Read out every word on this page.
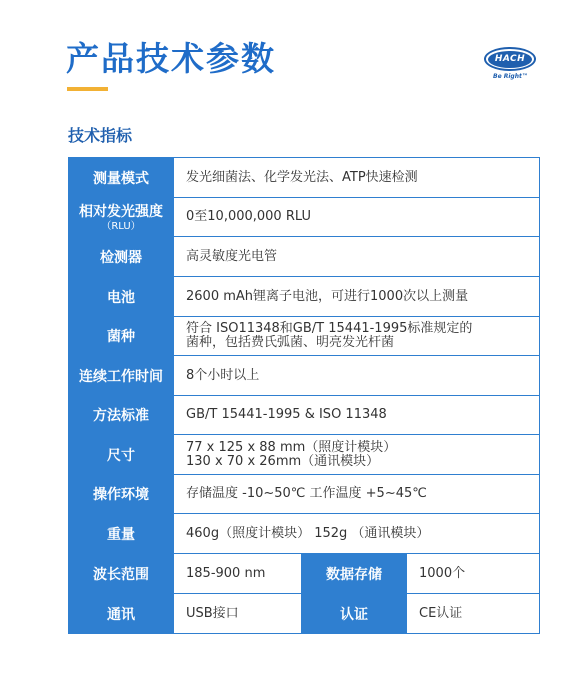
产品技术参数	HACH
Be Right™
技术指标
测量模式	发光细菌法、化学发光法、ATP快速检测		
相对发光强度
（RLU）	0至10,000,000 RLU		
检测器	高灵敏度光电管		
电池	2600 mAh锂离子电池，可进行1000次以上测量		
菌种	符合 ISO11348和GB/T 15441-1995标准规定的
菌种，包括费氏弧菌、明亮发光杆菌		

连续工作时间	8个小时以上		
方法标准	GB/T 15441-1995 & ISO 11348		
尺寸	77 x 125 x 88 mm（照度计模块）
130 x 70 x 26mm（通讯模块）		

操作环境	存储温度 -10~50℃ 工作温度 +5~45℃		
重量	460g（照度计模块） 152g （通讯模块）		
波长范围	185-900 nm	数据存储	1000个
通讯	USB接口	认证	CE认证
